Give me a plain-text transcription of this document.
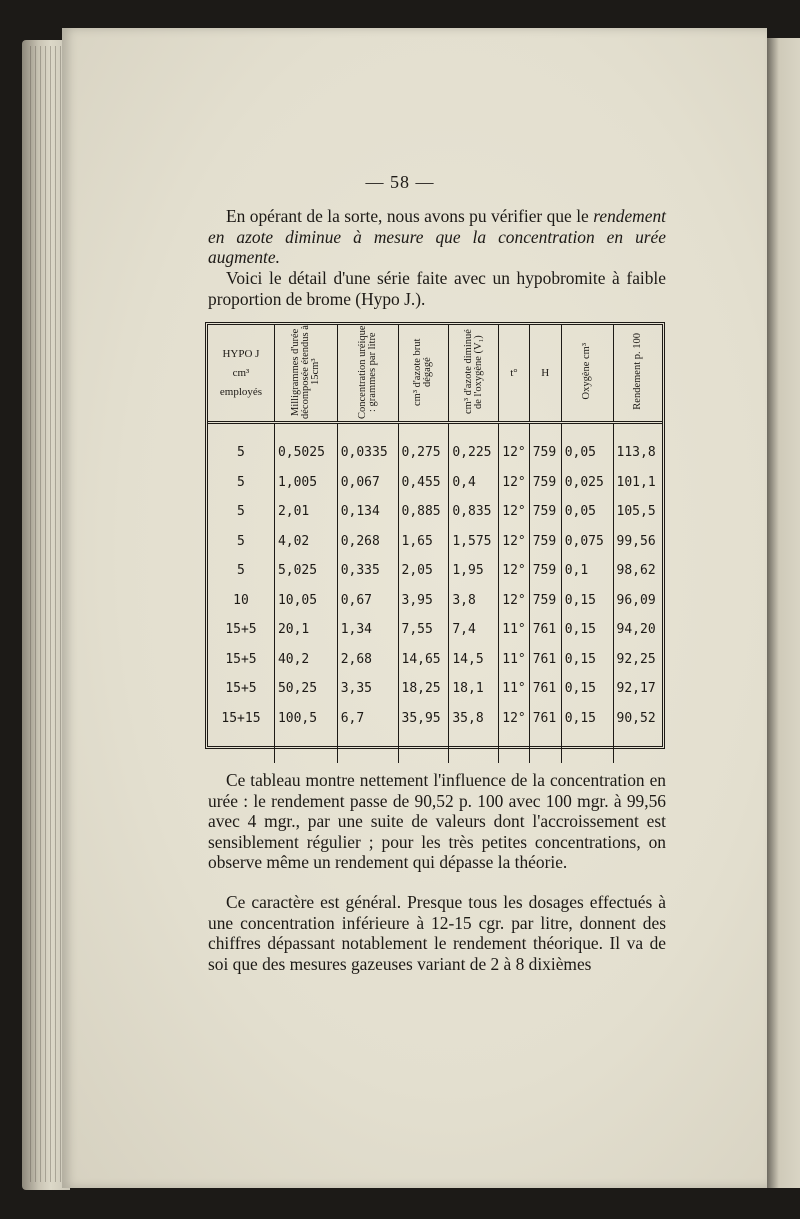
— 58 —
En opérant de la sorte, nous avons pu vérifier que le rendement en azote diminue à mesure que la concentration en urée augmente.
Voici le détail d'une série faite avec un hypobromite à faible proportion de brome (Hypo J.).
HYPO J
cm³
employés	Milligrammes d'urée décomposée étendus à 15cm³	Concentration uréique : grammes par litre	cm³ d'azote brut dégagé	cm³ d'azote diminué de l'oxygène (V₁)	t°	H	Oxygène cm³	Rendement p. 100
5	0,5025	0,0335	0,275	0,225	12°	759	0,05	113,8
5	1,005	0,067	0,455	0,4	12°	759	0,025	101,1
5	2,01	0,134	0,885	0,835	12°	759	0,05	105,5
5	4,02	0,268	1,65	1,575	12°	759	0,075	99,56
5	5,025	0,335	2,05	1,95	12°	759	0,1	98,62
10	10,05	0,67	3,95	3,8	12°	759	0,15	96,09
15+5	20,1	1,34	7,55	7,4	11°	761	0,15	94,20
15+5	40,2	2,68	14,65	14,5	11°	761	0,15	92,25
15+5	50,25	3,35	18,25	18,1	11°	761	0,15	92,17
15+15	100,5	6,7	35,95	35,8	12°	761	0,15	90,52

Ce tableau montre nettement l'influence de la concentration en urée : le rendement passe de 90,52 p. 100 avec 100 mgr. à 99,56 avec 4 mgr., par une suite de valeurs dont l'accroissement est sensiblement régulier ; pour les très petites concentrations, on observe même un rendement qui dépasse la théorie.
Ce caractère est général. Presque tous les dosages effectués à une concentration inférieure à 12-15 cgr. par litre, donnent des chiffres dépassant notablement le rendement théorique. Il va de soi que des mesures gazeuses variant de 2 à 8 dixièmes
